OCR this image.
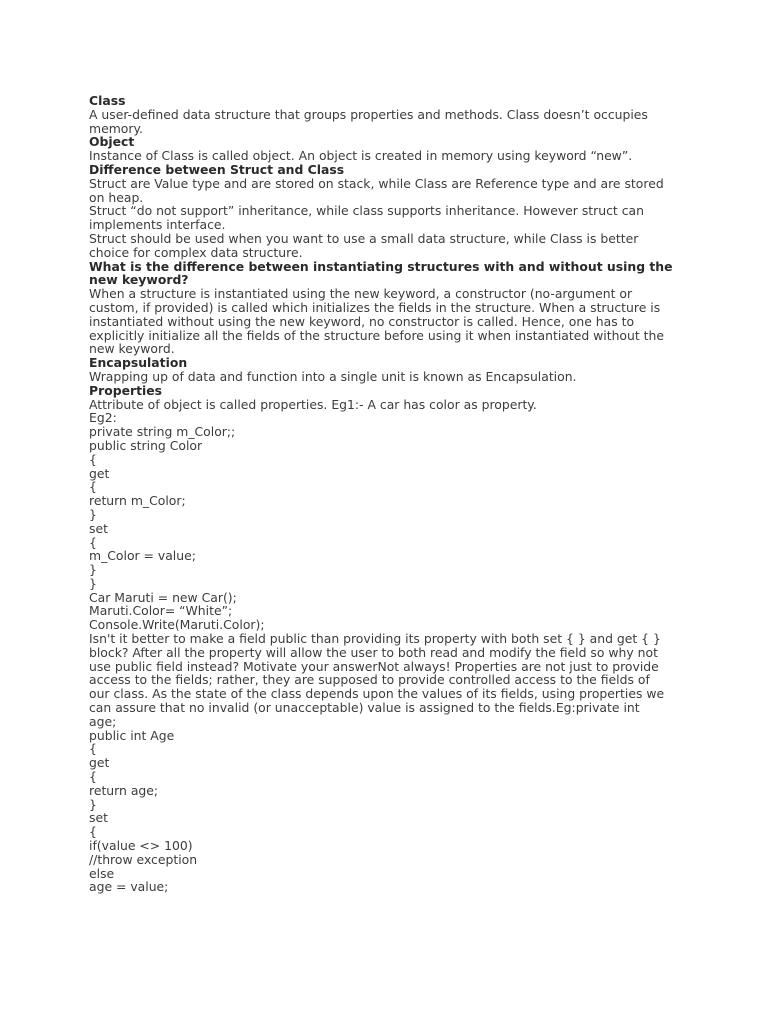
Class
A user-defined data structure that groups properties and methods. Class doesn’t occupies
memory.
Object
Instance of Class is called object. An object is created in memory using keyword “new”.
Difference between Struct and Class
Struct are Value type and are stored on stack, while Class are Reference type and are stored
on heap.
Struct “do not support” inheritance, while class supports inheritance. However struct can
implements interface.
Struct should be used when you want to use a small data structure, while Class is better
choice for complex data structure.
What is the difference between instantiating structures with and without using the
new keyword?
When a structure is instantiated using the new keyword, a constructor (no-argument or
custom, if provided) is called which initializes the fields in the structure. When a structure is
instantiated without using the new keyword, no constructor is called. Hence, one has to
explicitly initialize all the fields of the structure before using it when instantiated without the
new keyword.
Encapsulation
Wrapping up of data and function into a single unit is known as Encapsulation.
Properties
Attribute of object is called properties. Eg1:- A car has color as property.
Eg2:
private string m_Color;;
public string Color
{
get
{
return m_Color;
}
set
{
m_Color = value;
}
}
Car Maruti = new Car();
Maruti.Color= “White”;
Console.Write(Maruti.Color);
Isn't it better to make a field public than providing its property with both set { } and get { }
block? After all the property will allow the user to both read and modify the field so why not
use public field instead? Motivate your answerNot always! Properties are not just to provide
access to the fields; rather, they are supposed to provide controlled access to the fields of
our class. As the state of the class depends upon the values of its fields, using properties we
can assure that no invalid (or unacceptable) value is assigned to the fields.Eg:private int
age;
public int Age
{
get
{
return age;
}
set
{
if(value <> 100)
//throw exception
else
age = value;
